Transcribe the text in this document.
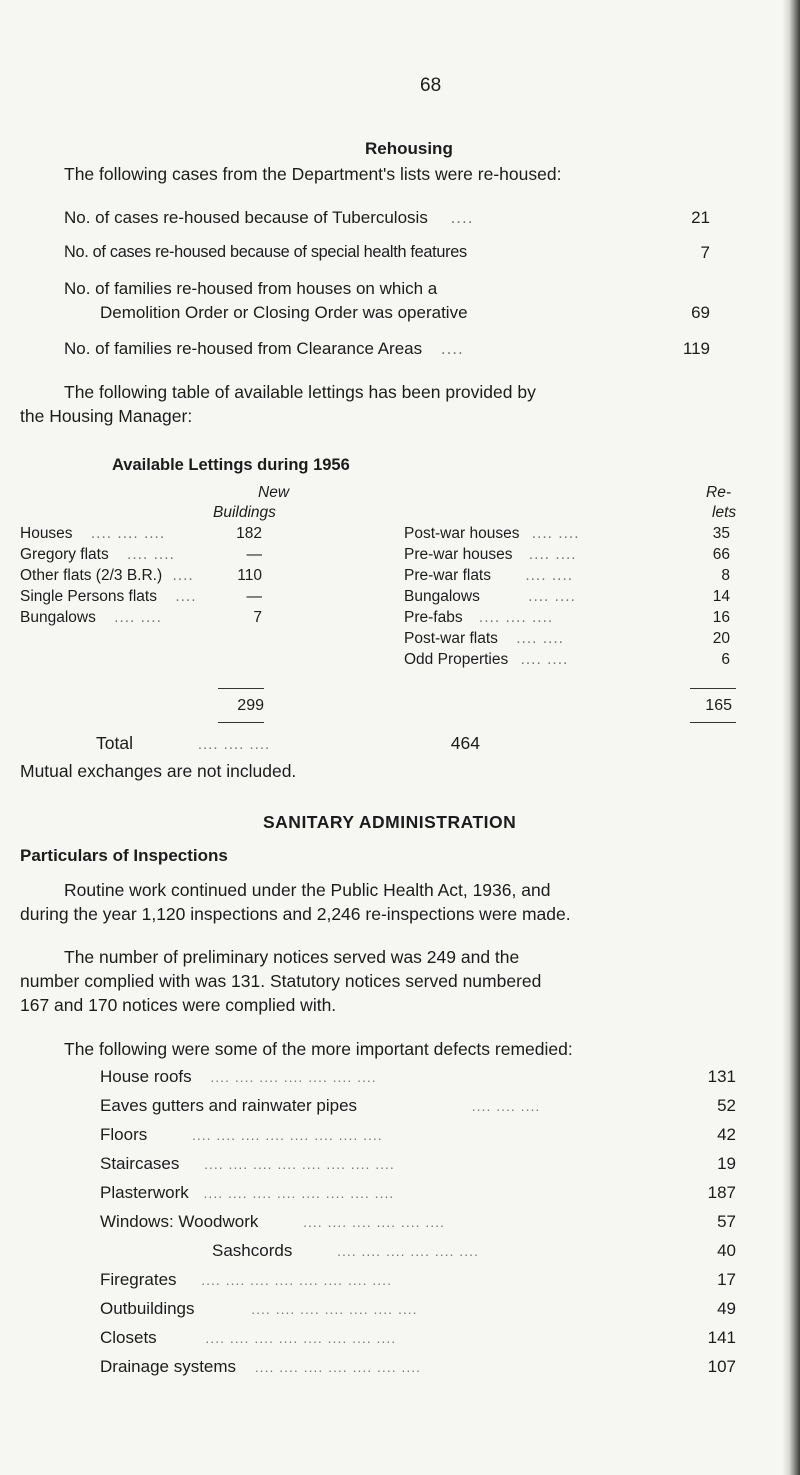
68
Rehousing
The following cases from the Department's lists were re-housed:
No. of cases re-housed because of Tuberculosis ....	21
No. of cases re-housed because of special health features	7
No. of families re-housed from houses on which a
Demolition Order or Closing Order was operative	69
No. of families re-housed from Clearance Areas ....	119
The following table of available lettings has been provided by
the Housing Manager:
Available Lettings during 1956
New
Buildings
Re-
lets
Houses .... .... ....	182
Gregory flats .... ....	—
Other flats (2/3 B.R.) ....	110
Single Persons flats ....	—
Bungalows .... ....	7
Post-war houses .... ....	35
Pre-war houses .... ....	66
Pre-war flats .... ....	8
Bungalows	.... ....	14
Pre-fabs .... .... ....	16
Post-war flats .... ....	20
Odd Properties .... ....	6
299	165
Total	.... .... ....	464
Mutual exchanges are not included.
SANITARY ADMINISTRATION
Particulars of Inspections
Routine work continued under the Public Health Act, 1936, and
during the year 1,120 inspections and 2,246 re-inspections were made.
The number of preliminary notices served was 249 and the
number complied with was 131. Statutory notices served numbered
167 and 170 notices were complied with.
The following were some of the more important defects remedied:
House roofs .... .... .... .... .... .... ....	131
Eaves gutters and rainwater pipes	.... .... ....	52
Floors	.... .... .... .... .... .... .... ....	42
Staircases .... .... .... .... .... .... .... ....	19
Plasterwork .... .... .... .... .... .... .... ....	187
Windows: Woodwork	.... .... .... .... .... ....	57
Sashcords	.... .... .... .... .... ....	40
Firegrates .... .... .... .... .... .... .... ....	17
Outbuildings	.... .... .... .... .... .... ....	49
Closets	.... .... .... .... .... .... .... ....	141
Drainage systems .... .... .... .... .... .... ....	107
